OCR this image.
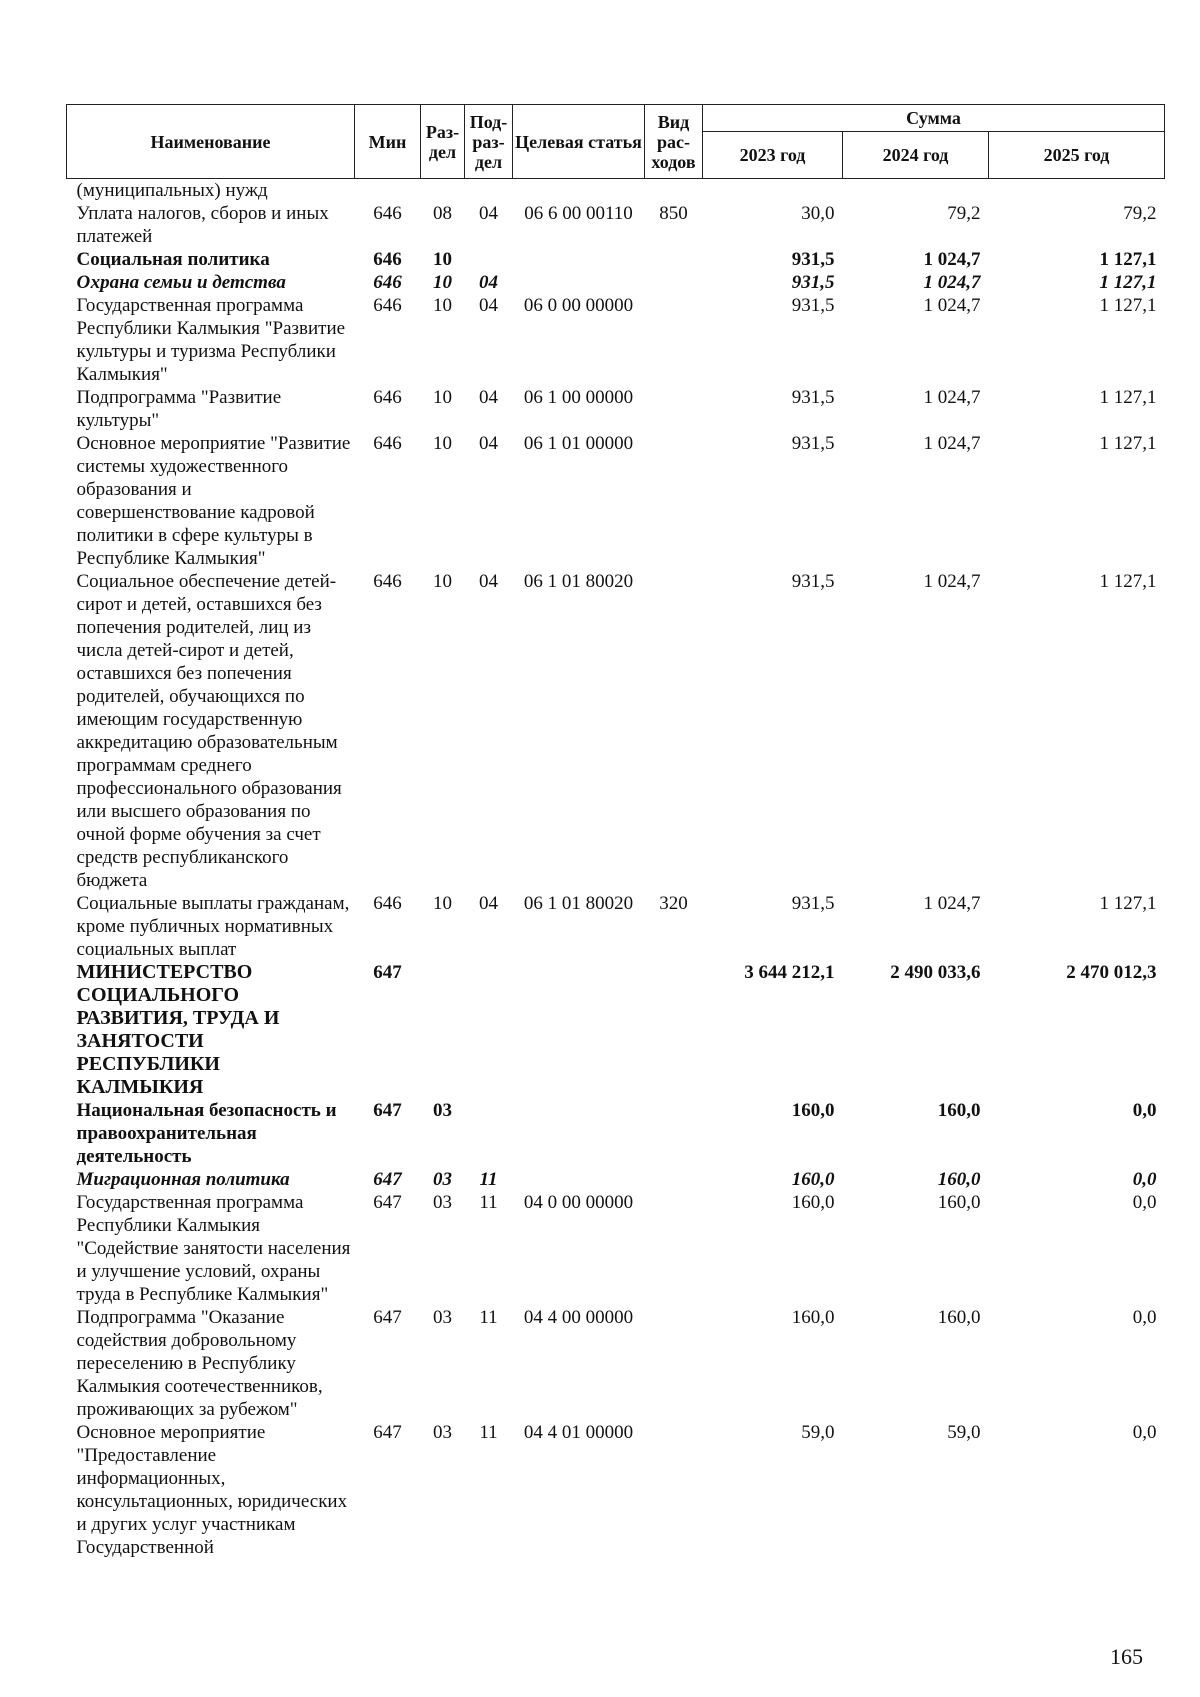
Наименование	Мин	Раз-дел	Под-раз-дел	Целевая статья	Вид рас-ходов	Сумма		
						2023 год	2024 год	2025 год
(муниципальных) нужд								
Уплата налогов, сборов и иных платежей	646	08	04	06 6 00 00110	850	30,0	79,2	79,2
Социальная политика	646	10				931,5	1 024,7	1 127,1
Охрана семьи и детства	646	10	04			931,5	1 024,7	1 127,1
Государственная программа Республики Калмыкия "Развитие культуры и туризма Республики Калмыкия"	646	10	04	06 0 00 00000		931,5	1 024,7	1 127,1
Подпрограмма "Развитие культуры"	646	10	04	06 1 00 00000		931,5	1 024,7	1 127,1
Основное мероприятие "Развитие системы художественного образования и совершенствование кадровой политики в сфере культуры в Республике Калмыкия"	646	10	04	06 1 01 00000		931,5	1 024,7	1 127,1
Социальное обеспечение детей-сирот и детей, оставшихся без попечения родителей, лиц из числа детей-сирот и детей, оставшихся без попечения родителей, обучающихся по имеющим государственную аккредитацию образовательным программам среднего профессионального образования или высшего образования по очной форме обучения за счет средств республиканского бюджета	646	10	04	06 1 01 80020		931,5	1 024,7	1 127,1
Социальные выплаты гражданам, кроме публичных нормативных социальных выплат	646	10	04	06 1 01 80020	320	931,5	1 024,7	1 127,1
МИНИСТЕРСТВО СОЦИАЛЬНОГО РАЗВИТИЯ, ТРУДА И ЗАНЯТОСТИ РЕСПУБЛИКИ КАЛМЫКИЯ	647					3 644 212,1	2 490 033,6	2 470 012,3
Национальная безопасность и правоохранительная деятельность	647	03				160,0	160,0	0,0
Миграционная политика	647	03	11			160,0	160,0	0,0
Государственная программа Республики Калмыкия "Содействие занятости населения и улучшение условий, охраны труда в Республике Калмыкия"	647	03	11	04 0 00 00000		160,0	160,0	0,0
Подпрограмма "Оказание содействия добровольному переселению в Республику Калмыкия соотечественников, проживающих за рубежом"	647	03	11	04 4 00 00000		160,0	160,0	0,0
Основное мероприятие "Предоставление информационных, консультационных, юридических и других услуг участникам Государственной	647	03	11	04 4 01 00000		59,0	59,0	0,0
165
